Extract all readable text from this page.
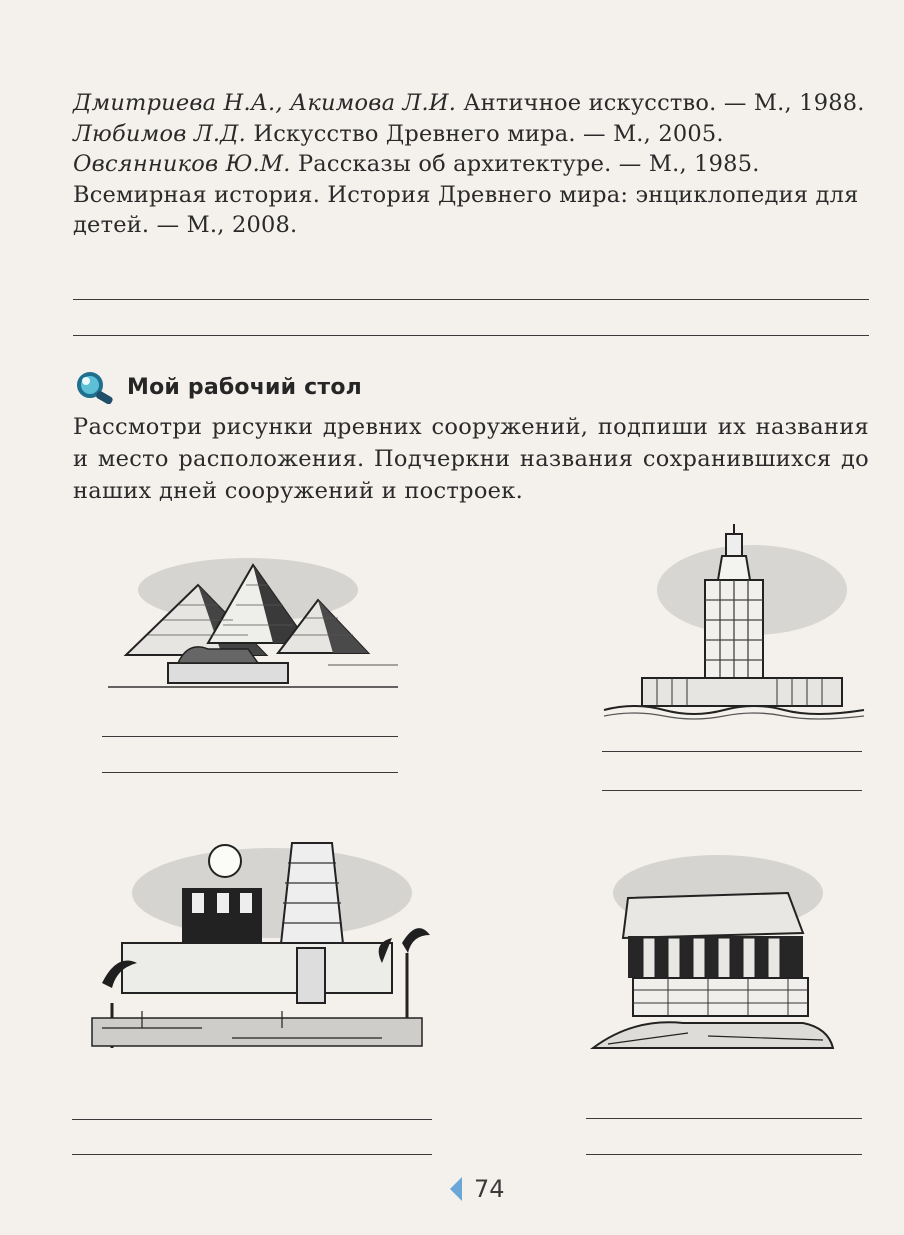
Дмитриева Н.А., Акимова Л.И. Античное искусство. — М., 1988.

Любимов Л.Д. Искусство Древнего мира. — М., 2005.

Овсянников Ю.М. Рассказы об архитектуре. — М., 1985.

Всемирная история. История Древнего мира: энциклопедия для детей. — М., 2008.

Мой рабочий стол

Рассмотри рисунки древних сооружений, подпиши их названия и место расположения. Подчеркни названия сохранившихся до наших дней сооружений и построек.

74
